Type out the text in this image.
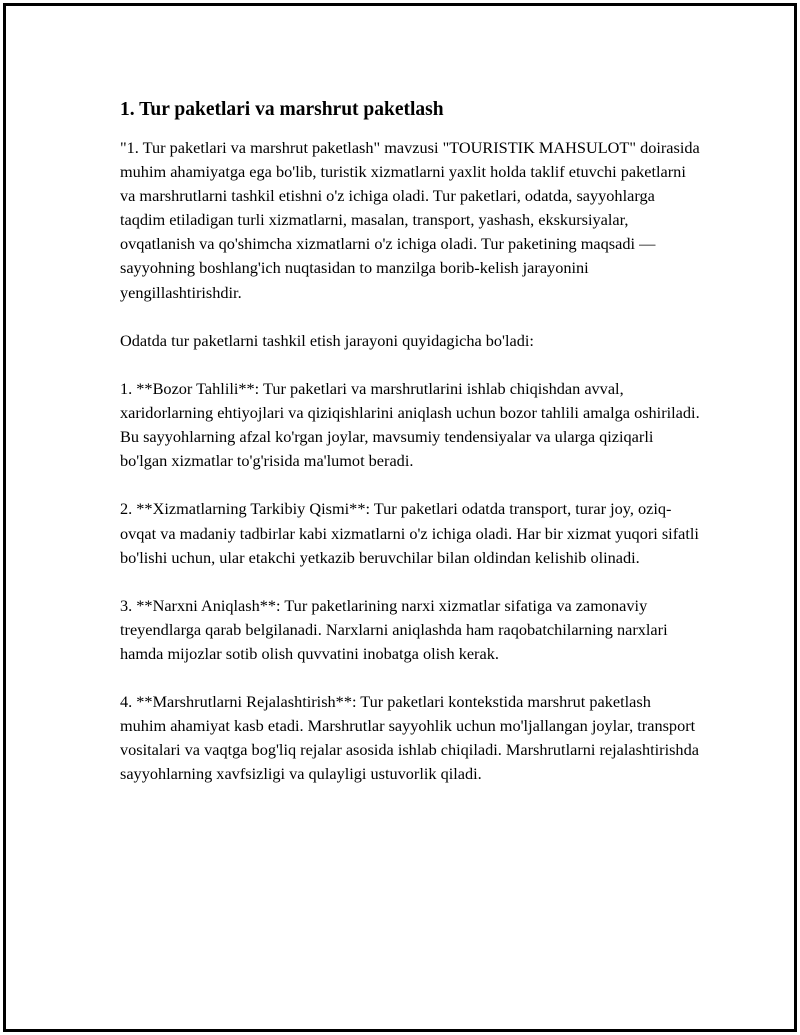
1. Tur paketlari va marshrut paketlash

"1. Tur paketlari va marshrut paketlash" mavzusi "TOURISTIK MAHSULOT" doirasida muhim ahamiyatga ega bo'lib, turistik xizmatlarni yaxlit holda taklif etuvchi paketlarni va marshrutlarni tashkil etishni o'z ichiga oladi. Tur paketlari, odatda, sayyohlarga taqdim etiladigan turli xizmatlarni, masalan, transport, yashash, ekskursiyalar, ovqatlanish va qo'shimcha xizmatlarni o'z ichiga oladi. Tur paketining maqsadi — sayyohning boshlang'ich nuqtasidan to manzilga borib-kelish jarayonini yengillashtirishdir.

Odatda tur paketlarni tashkil etish jarayoni quyidagicha bo'ladi:

1. **Bozor Tahlili**: Tur paketlari va marshrutlarini ishlab chiqishdan avval, xaridorlarning ehtiyojlari va qiziqishlarini aniqlash uchun bozor tahlili amalga oshiriladi. Bu sayyohlarning afzal ko'rgan joylar, mavsumiy tendensiyalar va ularga qiziqarli bo'lgan xizmatlar to'g'risida ma'lumot beradi.

2. **Xizmatlarning Tarkibiy Qismi**: Tur paketlari odatda transport, turar joy, oziq-ovqat va madaniy tadbirlar kabi xizmatlarni o'z ichiga oladi. Har bir xizmat yuqori sifatli bo'lishi uchun, ular etakchi yetkazib beruvchilar bilan oldindan kelishib olinadi.

3. **Narxni Aniqlash**: Tur paketlarining narxi xizmatlar sifatiga va zamonaviy treyendlarga qarab belgilanadi. Narxlarni aniqlashda ham raqobatchilarning narxlari hamda mijozlar sotib olish quvvatini inobatga olish kerak.

4. **Marshrutlarni Rejalashtirish**: Tur paketlari kontekstida marshrut paketlash muhim ahamiyat kasb etadi. Marshrutlar sayyohlik uchun mo'ljallangan joylar, transport vositalari va vaqtga bog'liq rejalar asosida ishlab chiqiladi. Marshrutlarni rejalashtirishda sayyohlarning xavfsizligi va qulayligi ustuvorlik qiladi.
